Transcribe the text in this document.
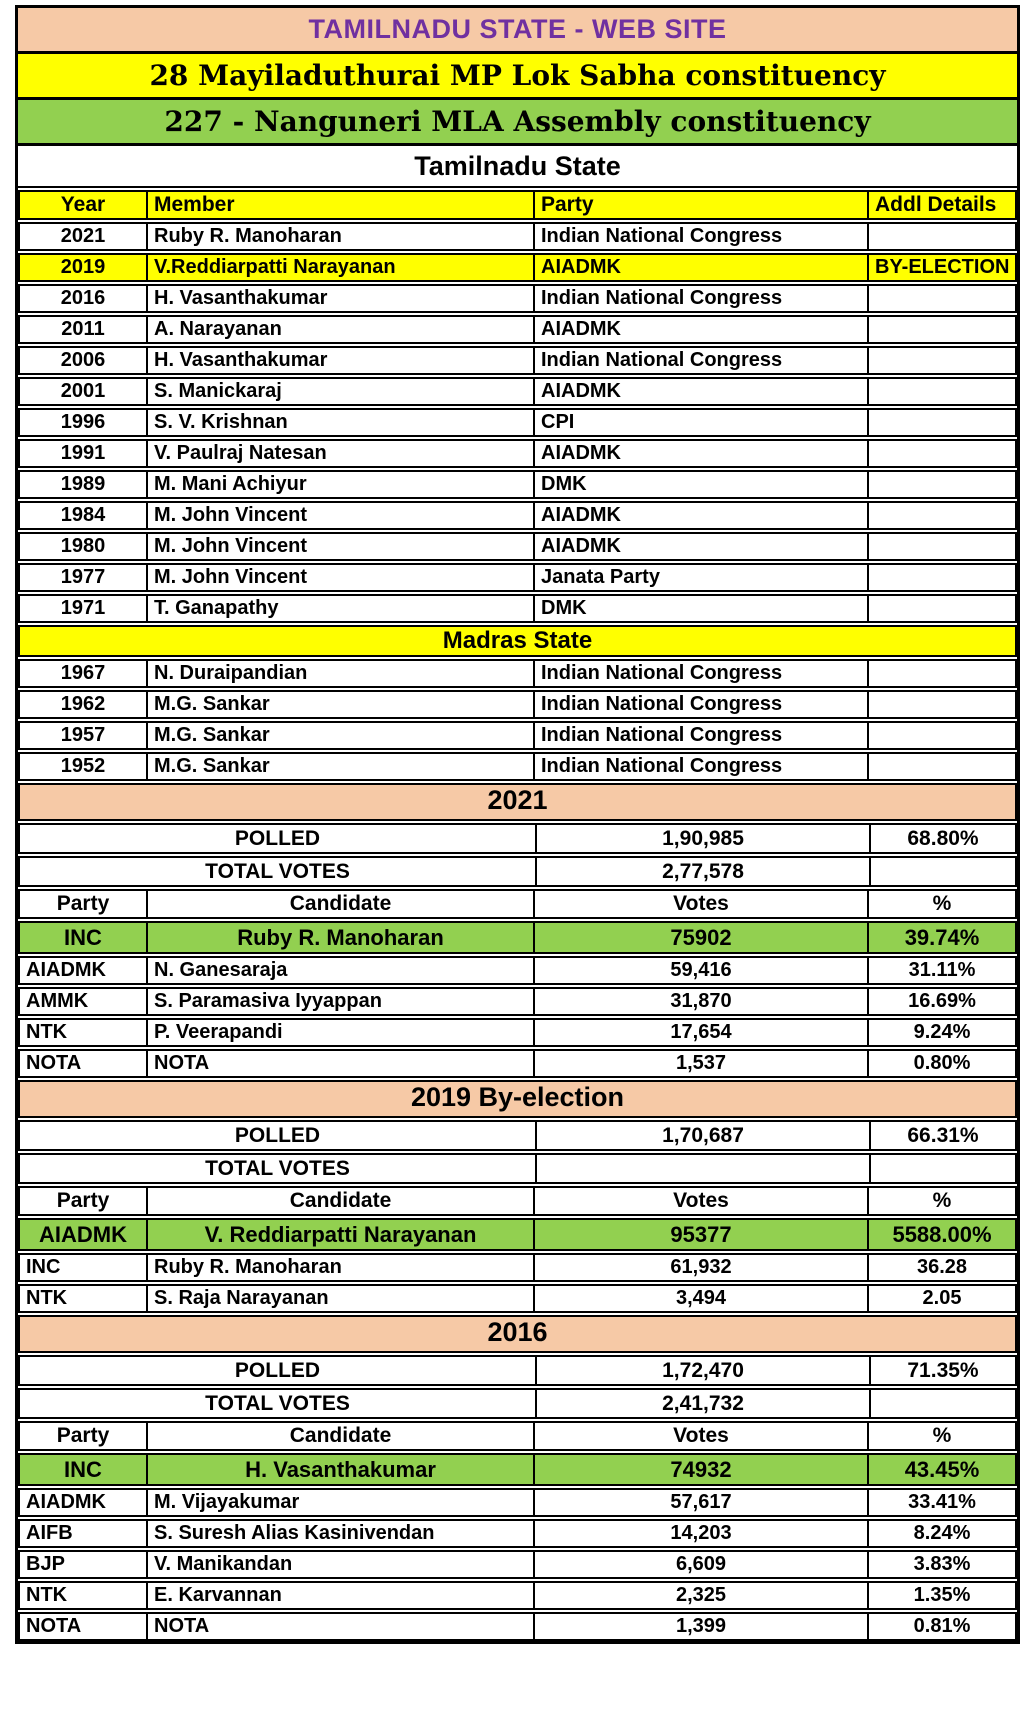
TAMILNADU STATE - WEB SITE
28 Mayiladuthurai MP Lok Sabha constituency
227 - Nanguneri MLA Assembly constituency
Tamilnadu State
Year	Member	Party	Addl Details
2021	Ruby R. Manoharan	Indian National Congress
2019	V.Reddiarpatti Narayanan	AIADMK	BY-ELECTION
2016	H. Vasanthakumar	Indian National Congress
2011	A. Narayanan	AIADMK
2006	H. Vasanthakumar	Indian National Congress
2001	S. Manickaraj	AIADMK
1996	S. V. Krishnan	CPI
1991	V. Paulraj Natesan	AIADMK
1989	M. Mani Achiyur	DMK
1984	M. John Vincent	AIADMK
1980	M. John Vincent	AIADMK
1977	M. John Vincent	Janata Party
1971	T. Ganapathy	DMK
Madras State
1967	N. Duraipandian	Indian National Congress
1962	M.G. Sankar	Indian National Congress
1957	M.G. Sankar	Indian National Congress
1952	M.G. Sankar	Indian National Congress
2021
POLLED	1,90,985	68.80%
TOTAL VOTES	2,77,578
Party	Candidate	Votes	%
INC	Ruby R. Manoharan	75902	39.74%
AIADMK	N. Ganesaraja	59,416	31.11%
AMMK	S. Paramasiva Iyyappan	31,870	16.69%
NTK	P. Veerapandi	17,654	9.24%
NOTA	NOTA	1,537	0.80%
2019 By-election
POLLED	1,70,687	66.31%
TOTAL VOTES
Party	Candidate	Votes	%
AIADMK	V. Reddiarpatti Narayanan	95377	5588.00%
INC	Ruby R. Manoharan	61,932	36.28
NTK	S. Raja Narayanan	3,494	2.05
2016
POLLED	1,72,470	71.35%
TOTAL VOTES	2,41,732
Party	Candidate	Votes	%
INC	H. Vasanthakumar	74932	43.45%
AIADMK	M. Vijayakumar	57,617	33.41%
AIFB	S. Suresh Alias Kasinivendan	14,203	8.24%
BJP	V. Manikandan	6,609	3.83%
NTK	E. Karvannan	2,325	1.35%
NOTA	NOTA	1,399	0.81%
